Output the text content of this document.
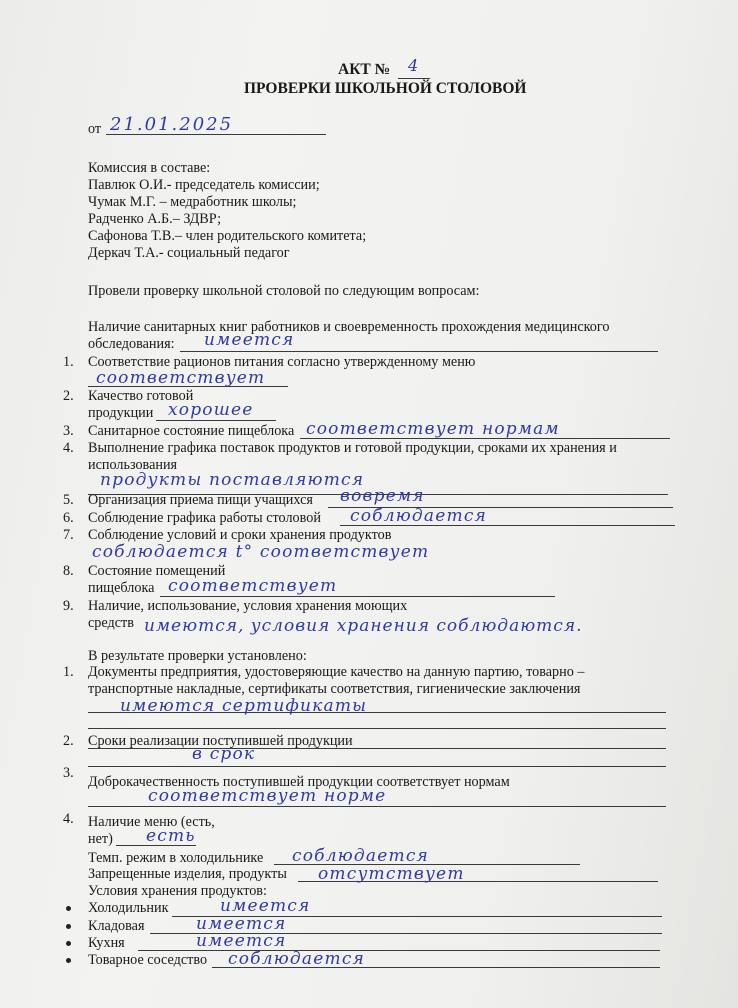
АКТ № 4
ПРОВЕРКИ ШКОЛЬНОЙ СТОЛОВОЙ
от 21.01.2025
Комиссия в составе:
Павлюк О.И.- председатель комиссии;
Чумак М.Г. – медработник школы;
Радченко А.Б.– ЗДВР;
Сафонова Т.В.– член родительского комитета;
Деркач Т.А.- социальный педагог
Провели проверку школьной столовой по следующим вопросам:
Наличие санитарных книг работников и своевременность прохождения медицинского
обследования: имеется
1. Соответствие рационов питания согласно утвержденному меню
соответствует
2. Качество готовой
продукции хорошее
3. Санитарное состояние пищеблока соответствует нормам
4. Выполнение графика поставок продуктов и готовой продукции, сроками их хранения и
использования
продукты поставляются
5. Организация приема пищи учащихся вовремя
6. Соблюдение графика работы столовой соблюдается
7. Соблюдение условий и сроки хранения продуктов
соблюдается t° соответствует
8. Состояние помещений
пищеблока соответствует
9. Наличие, использование, условия хранения моющих
средств имеются, условия хранения соблюдаются.
В результате проверки установлено:
1. Документы предприятия, удостоверяющие качество на данную партию, товарно –
транспортные накладные, сертификаты соответствия, гигиенические заключения
имеются сертификаты
2. Сроки реализации поступившей продукции
в срок
3.
Доброкачественность поступившей продукции соответствует нормам
соответствует норме
4. Наличие меню (есть,
нет) есть
Темп. режим в холодильнике соблюдается
Запрещенные изделия, продукты отсутствует
Условия хранения продуктов:
Холодильник	имеется
Кладовая	имеется
Кухня	имеется
Товарное соседство соблюдается
